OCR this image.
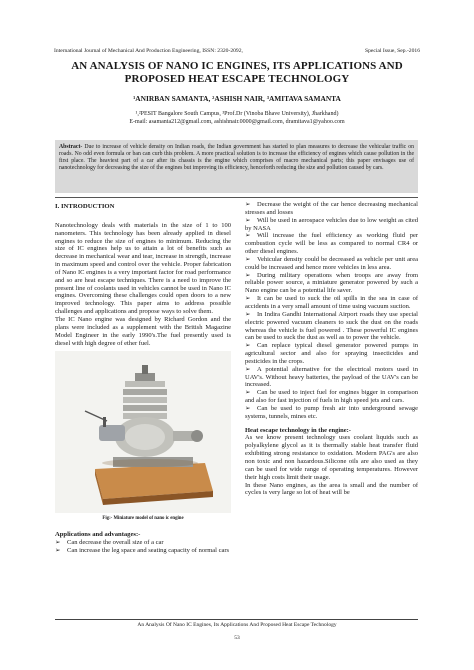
International Journal of Mechanical And Production Engineering, ISSN: 2320-2092,	Special Issue, Sep.-2016
AN ANALYSIS OF NANO IC ENGINES, ITS APPLICATIONS AND
PROPOSED HEAT ESCAPE TECHNOLOGY
¹ANIRBAN SAMANTA, ²ASHISH NAIR, ³AMITAVA SAMANTA
¹,²PESIT Bangalore South Campus, ³Prof.Dr (Vinoba Bhave University), Jharkhand)
E-mail: asamanta212@gmail.com, ashishnair.0000@gmail.com, dramitava1@yahoo.com
Abstract- Due to increase of vehicle density on Indian roads, the Indian government has started to plan measures to decrease the vehicular traffic on roads. No odd even formula or ban can curb this problem. A more practical solution is to increase the efficiency of engines which cause pollution in the first place. The heaviest part of a car after its chassis is the engine which comprises of macro mechanical parts; this paper envisages use of nanotechnology for decreasing the size of the engines but improving its efficiency, henceforth reducing the size and pollution caused by cars.
I. INTRODUCTION

Nanotechnology deals with materials in the size of 1 to 100 nanometers. This technology has been already applied in diesel engines to reduce the size of engines to minimum. Reducing the size of IC engines help us to attain a lot of benefits such as decrease in mechanical wear and tear, increase in strength, increase in maximum speed and control over the vehicle. Proper fabrication of Nano IC engines is a very important factor for road performance and so are heat escape techniques. There is a need to improve the present line of coolants used in vehicles cannot be used in Nano IC engines. Overcoming these challenges could open doors to a new improved technology. This paper aims to address possible challenges and applications and propose ways to solve them.

The IC Nano engine was designed by Richard Gordon and the plans were included as a supplement with the British Magazine Model Engineer in the early 1990's.The fuel presently used is diesel with high degree of ether fuel.

Fig:- Miniature model of nano ic engine
Applications and advantages:-
➢ Can decrease the overall size of a car
➢ Can increase the leg space and seating capacity of normal cars
➢ Decrease the weight of the car hence decreasing mechanical stresses and losses
➢ Will be used in aerospace vehicles due to low weight as cited by NASA
➢ Will increase the fuel efficiency as working fluid per combustion cycle will be less as compared to normal CR4 or other diesel engines.
➢ Vehicular density could be decreased as vehicle per unit area could be increased and hence more vehicles in less area.
➢ During military operations when troops are away from reliable power source, a miniature generator powered by such a Nano engine can be a potential life saver.
➢ It can be used to suck the oil spills in the sea in case of accidents in a very small amount of time using vacuum suction.
➢ In Indira Gandhi International Airport roads they use special electric powered vacuum cleaners to suck the dust on the roads whereas the vehicle is fuel powered . These powerful IC engines can be used to suck the dust as well as to power the vehicle.
➢ Can replace typical diesel generator powered pumps in agricultural sector and also for spraying insecticides and pesticides in the crops.
➢ A potential alternative for the electrical motors used in UAV's. Without heavy batteries, the payload of the UAV's can be increased.
➢ Can be used to inject fuel for engines bigger in comparison and also for fast injection of fuels in high speed jets and cars.
➢ Can be used to pump fresh air into underground sewage systems, tunnels, mines etc.
Heat escape technology in the engine:-

As we know present technology uses coolant liquids such as polyalkylene glycol as it is thermally stable heat transfer fluid exhibiting strong resistance to oxidation. Modern PAG's are also non toxic and non hazardous.Silicone oils are also used as they can be used for wide range of operating temperatures. However their high costs limit their usage.

In these Nano engines, as the area is small and the number of cycles is very large so lot of heat will be

An Analysis Of Nano IC Engines, Its Applications And Proposed Heat Escape Technology
53
